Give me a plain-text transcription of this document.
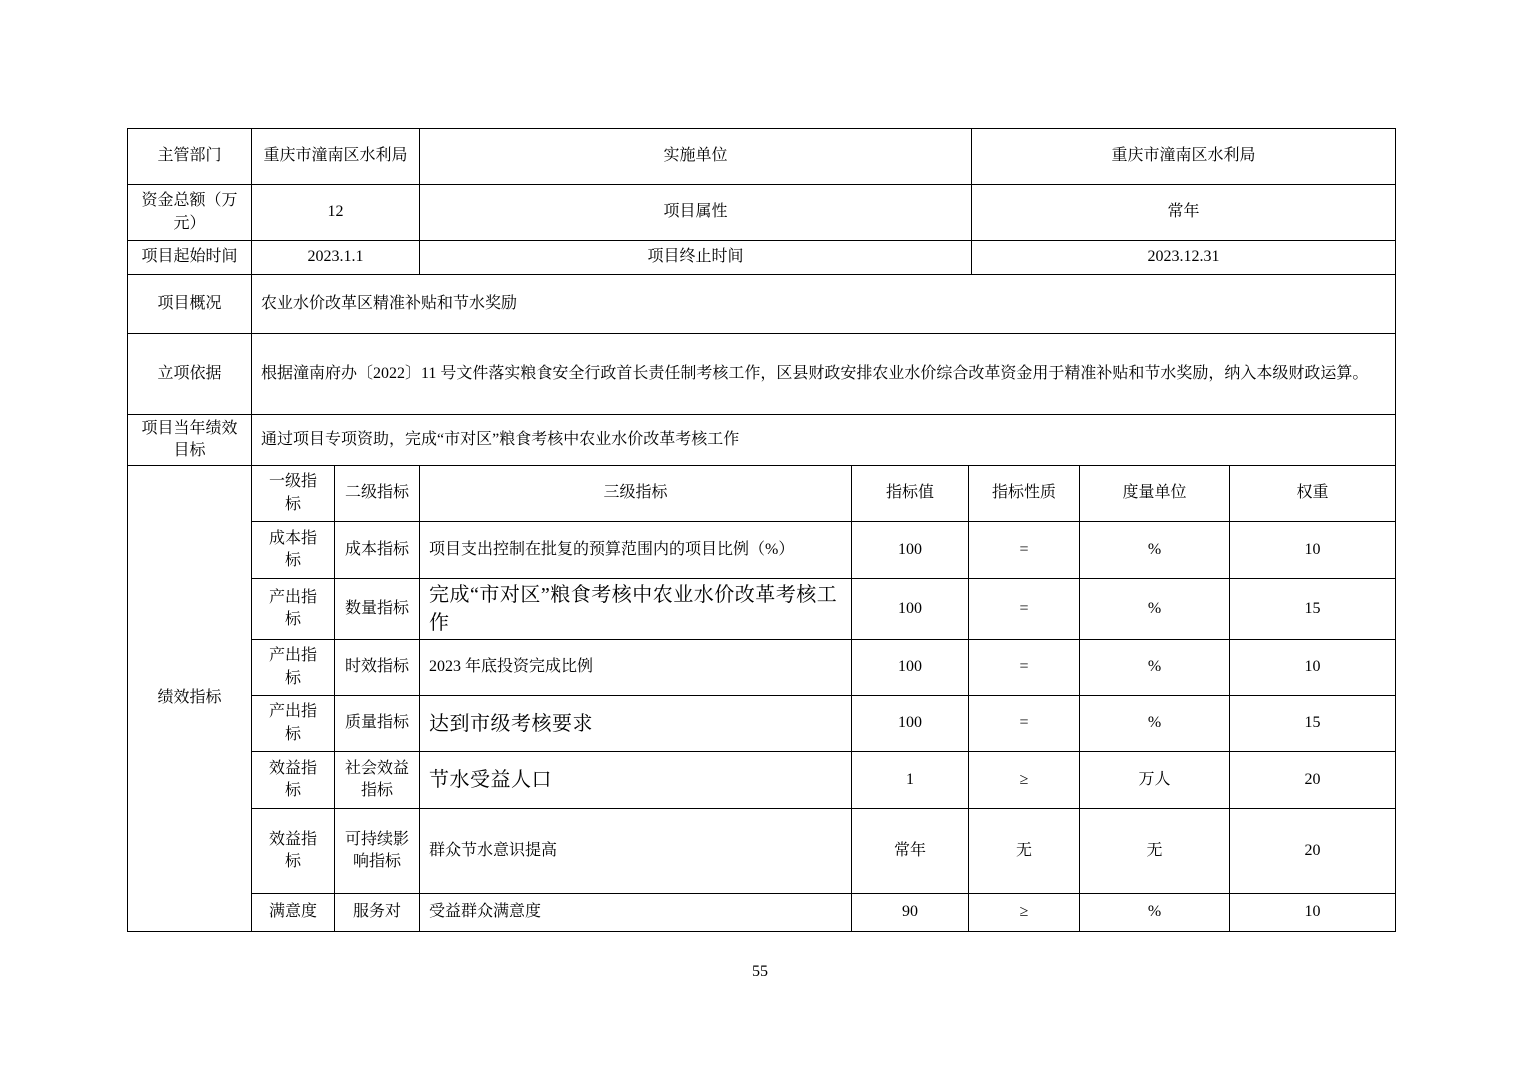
主管部门	重庆市潼南区水利局	实施单位	重庆市潼南区水利局
资金总额（万元）	12	项目属性	常年
项目起始时间	2023.1.1	项目终止时间	2023.12.31
项目概况	农业水价改革区精准补贴和节水奖励
立项依据	根据潼南府办〔2022〕11 号文件落实粮食安全行政首长责任制考核工作，区县财政安排农业水价综合改革资金用于精准补贴和节水奖励，纳入本级财政运算。
项目当年绩效目标	通过项目专项资助，完成“市对区”粮食考核中农业水价改革考核工作
绩效指标	一级指标	二级指标	三级指标	指标值	指标性质	度量单位	权重
	成本指标	成本指标	项目支出控制在批复的预算范围内的项目比例（%）	100	=	%	10
	产出指标	数量指标	完成“市对区”粮食考核中农业水价改革考核工作	100	=	%	15
	产出指标	时效指标	2023 年底投资完成比例	100	=	%	10
	产出指标	质量指标	达到市级考核要求	100	=	%	15
	效益指标	社会效益指标	节水受益人口	1	≥	万人	20
	效益指标	可持续影响指标	群众节水意识提高	常年	无	无	20
	满意度	服务对	受益群众满意度	90	≥	%	10
55
